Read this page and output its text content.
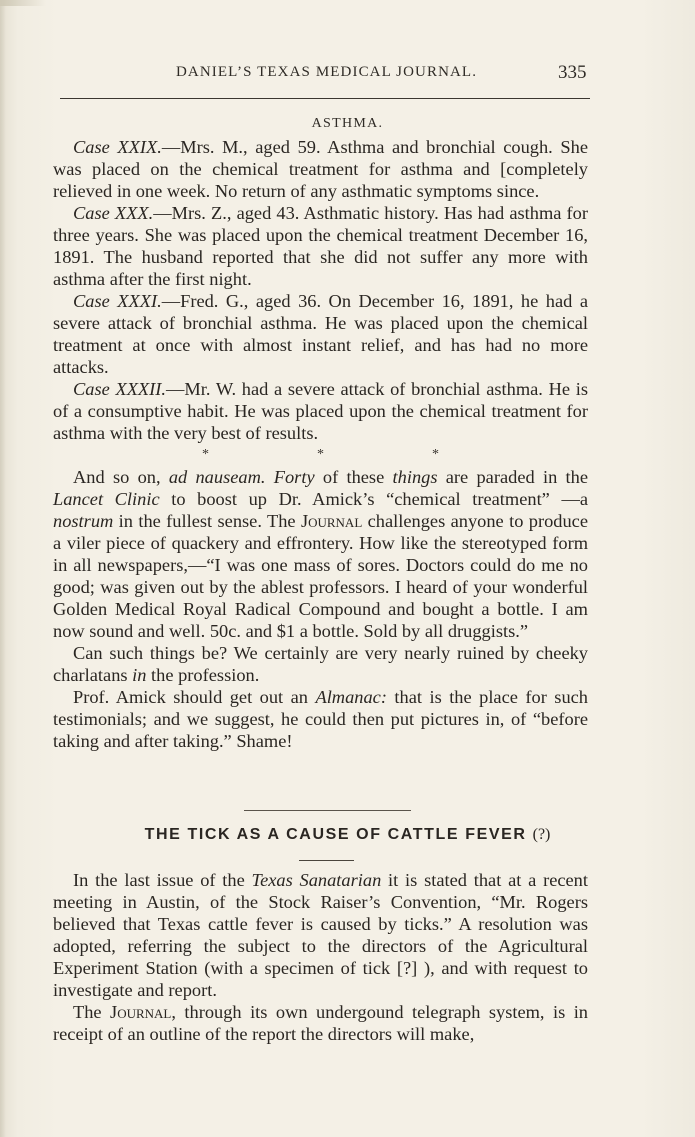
DANIEL’S TEXAS MEDICAL JOURNAL.	335
ASTHMA.

Case XXIX.—Mrs. M., aged 59. Asthma and bronchial cough. She was placed on the chemical treatment for asthma and [completely relieved in one week. No return of any asthmatic symptoms since.

Case XXX.—Mrs. Z., aged 43. Asthmatic history. Has had asthma for three years. She was placed upon the chemical treatment December 16, 1891. The husband reported that she did not suffer any more with asthma after the first night.

Case XXXI.—Fred. G., aged 36. On December 16, 1891, he had a severe attack of bronchial asthma. He was placed upon the chemical treatment at once with almost instant relief, and has had no more attacks.

Case XXXII.—Mr. W. had a severe attack of bronchial asthma. He is of a consumptive habit. He was placed upon the chemical treatment for asthma with the very best of results.

*	*	*

And so on, ad nauseam. Forty of these things are paraded in the Lancet Clinic to boost up Dr. Amick’s “chemical treatment” —a nostrum in the fullest sense. The Journal challenges anyone to produce a viler piece of quackery and effrontery. How like the stereotyped form in all newspapers,—“I was one mass of sores. Doctors could do me no good; was given out by the ablest professors. I heard of your wonderful Golden Medical Royal Radical Compound and bought a bottle. I am now sound and well. 50c. and $1 a bottle. Sold by all druggists.”

Can such things be? We certainly are very nearly ruined by cheeky charlatans in the profession.

Prof. Amick should get out an Almanac: that is the place for such testimonials; and we suggest, he could then put pictures in, of “before taking and after taking.” Shame!

THE TICK AS A CAUSE OF CATTLE FEVER (?)

In the last issue of the Texas Sanatarian it is stated that at a recent meeting in Austin, of the Stock Raiser’s Convention, “Mr. Rogers believed that Texas cattle fever is caused by ticks.” A resolution was adopted, referring the subject to the directors of the Agricultural Experiment Station (with a specimen of tick [?] ), and with request to investigate and report.

The Journal, through its own undergound telegraph system, is in receipt of an outline of the report the directors will make,
